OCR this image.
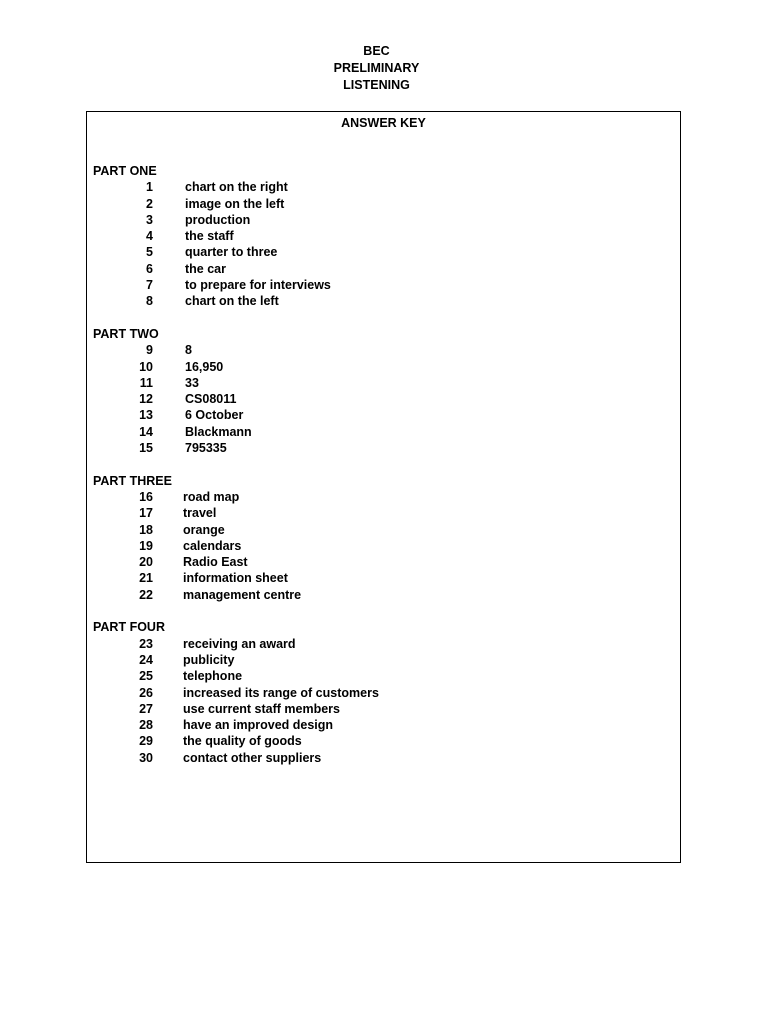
BEC
PRELIMINARY
LISTENING
ANSWER KEY
PART ONE
1	chart on the right
2	image on the left
3	production
4	the staff
5	quarter to three
6	the car
7	to prepare for interviews
8	chart on the left
PART TWO
9	8
10	16,950
11	33
12	CS08011
13	6 October
14	Blackmann
15	795335
PART THREE
16 road map
17 travel
18 orange
19 calendars
20 Radio East
21 information sheet
22 management centre
PART FOUR
23 receiving an award
24 publicity
25 telephone
26 increased its range of customers
27 use current staff members
28 have an improved design
29 the quality of goods
30 contact other suppliers
